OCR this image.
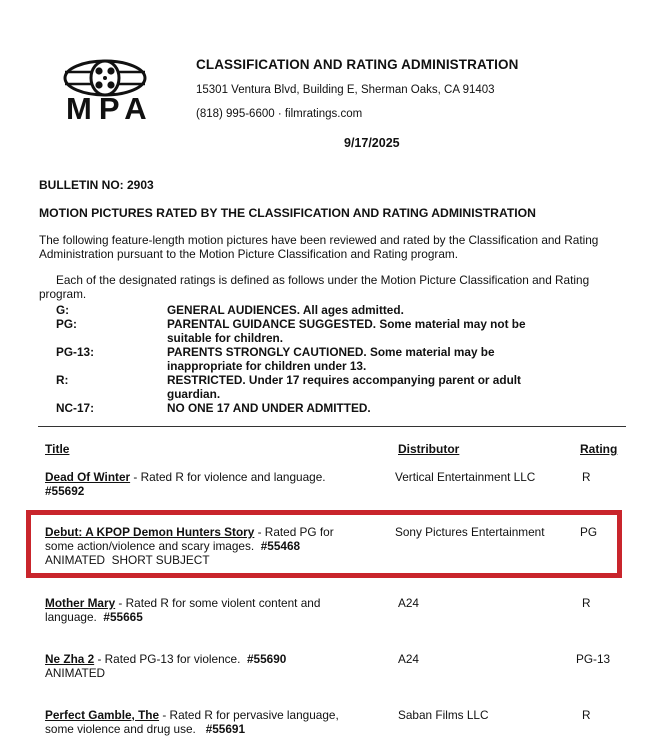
MPA
CLASSIFICATION AND RATING ADMINISTRATION
15301 Ventura Blvd, Building E, Sherman Oaks, CA 91403
(818) 995-6600 · filmratings.com
9/17/2025
BULLETIN NO: 2903
MOTION PICTURES RATED BY THE CLASSIFICATION AND RATING ADMINISTRATION
The following feature-length motion pictures have been reviewed and rated by the Classification and Rating Administration pursuant to the Motion Picture Classification and Rating program.
Each of the designated ratings is defined as follows under the Motion Picture Classification and Rating program.
G:	GENERAL AUDIENCES. All ages admitted.
PG:	PARENTAL GUIDANCE SUGGESTED. Some material may not be suitable for children.
PG-13:	PARENTS STRONGLY CAUTIONED. Some material may be inappropriate for children under 13.
R:	RESTRICTED. Under 17 requires accompanying parent or adult guardian.
NC-17:	NO ONE 17 AND UNDER ADMITTED.
Title	Distributor	Rating
Dead Of Winter - Rated R for violence and language.
#55692
Vertical Entertainment LLC	R
Debut: A KPOP Demon Hunters Story - Rated PG for some action/violence and scary images. #55468
ANIMATED  SHORT SUBJECT
Sony Pictures Entertainment	PG
Mother Mary - Rated R for some violent content and language. #55665
A24	R
Ne Zha 2 - Rated PG-13 for violence. #55690
ANIMATED
A24	PG-13
Perfect Gamble, The - Rated R for pervasive language, some violence and drug use. #55691
Saban Films LLC	R
